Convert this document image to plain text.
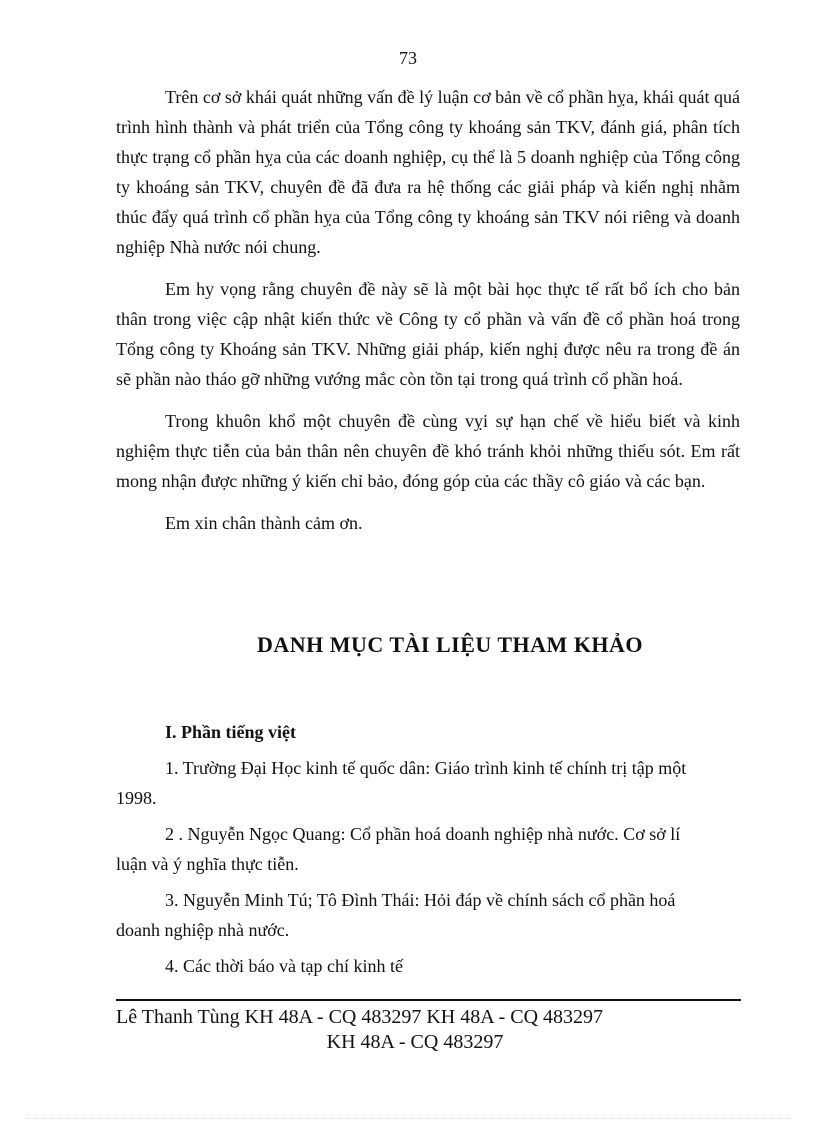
73

Trên cơ sở khái quát những vấn đề lý luận cơ bản về cổ phần hỵa, khái quát quá trình hình thành và phát triển của Tổng công ty khoáng sản TKV, đánh giá, phân tích thực trạng cổ phần hỵa của các doanh nghiệp, cụ thể là 5 doanh nghiệp của Tổng công ty khoáng sản TKV, chuyên đề đã đưa ra hệ thống các giải pháp và kiến nghị nhằm thúc đẩy quá trình cổ phần hỵa của Tổng công ty khoáng sản TKV nói riêng và doanh nghiệp Nhà nước nói chung.

Em hy vọng rằng chuyên đề này sẽ là một bài học thực tế rất bổ ích cho bản thân trong việc cập nhật kiến thức về Công ty cổ phần và vấn đề cổ phần hoá trong Tổng công ty Khoáng sản TKV. Những giải pháp, kiến nghị được nêu ra trong đề án sẽ phần nào tháo gỡ những vướng mắc còn tồn tại trong quá trình cổ phần hoá.

Trong khuôn khổ một chuyên đề cùng vỵi sự hạn chế về hiểu biết và kinh nghiệm thực tiễn của bản thân nên chuyên đề khó tránh khỏi những thiếu sót. Em rất mong nhận được những ý kiến chỉ bảo, đóng góp của các thầy cô giáo và các bạn.

Em xin chân thành cảm ơn.

DANH MỤC TÀI LIỆU THAM KHẢO

I. Phần tiếng việt

1. Trường Đại Học kinh tế quốc dân: Giáo trình kinh tế chính trị tập một
1998.

2 . Nguyễn Ngọc Quang: Cổ phần hoá doanh nghiệp nhà nước. Cơ sở lí
luận và ý nghĩa thực tiễn.

3. Nguyễn Minh Tú; Tô Đình Thái: Hỏi đáp về chính sách cổ phần hoá
doanh nghiệp nhà nước.

4. Các thời báo và tạp chí kinh tế

Lê Thanh Tùng KH 48A - CQ 483297 KH 48A - CQ 483297
KH 48A - CQ 483297
